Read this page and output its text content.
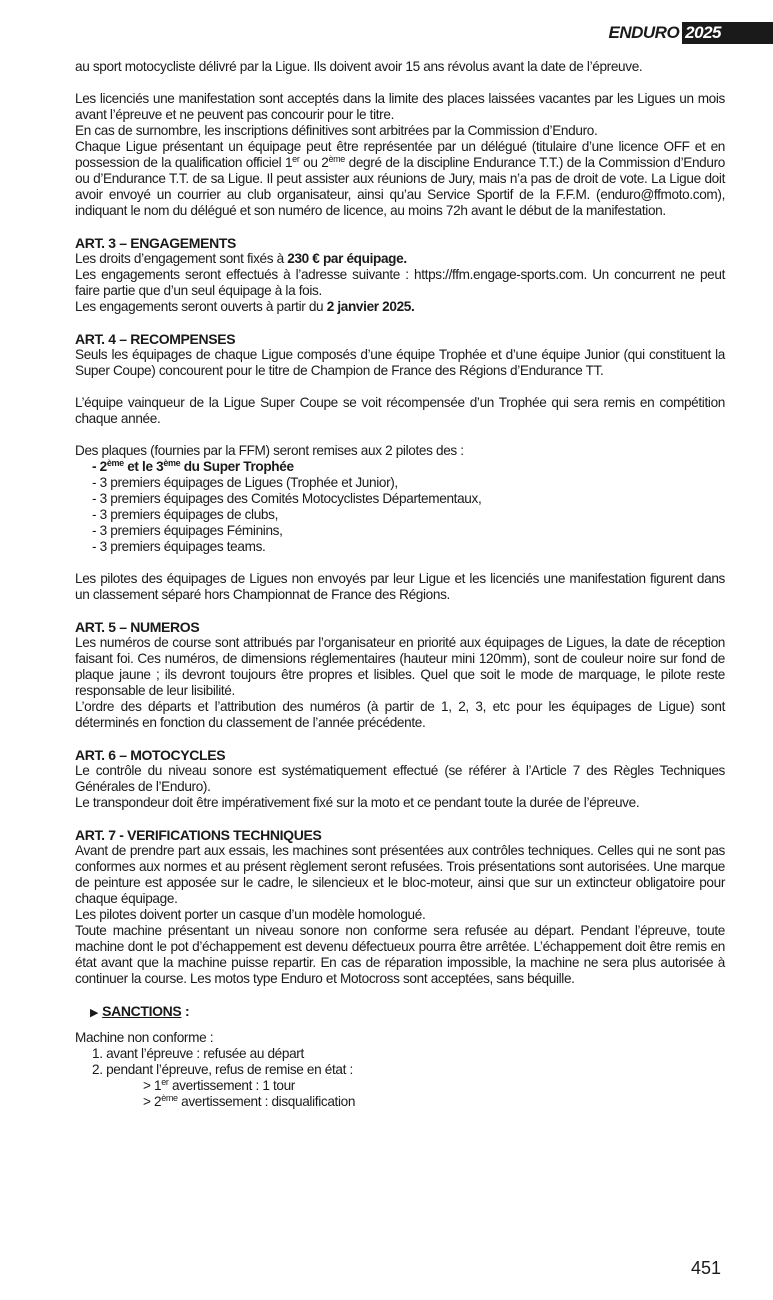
ENDURO 2025

au sport motocycliste délivré par la Ligue. Ils doivent avoir 15 ans révolus avant la date de l’épreuve.

Les licenciés une manifestation sont acceptés dans la limite des places laissées vacantes par les Ligues un mois avant l’épreuve et ne peuvent pas concourir pour le titre.

En cas de surnombre, les inscriptions définitives sont arbitrées par la Commission d’Enduro.

Chaque Ligue présentant un équipage peut être représentée par un délégué (titulaire d’une licence OFF et en possession de la qualification officiel 1er ou 2ème degré de la discipline Endurance T.T.) de la Commission d’Enduro ou d’Endurance T.T. de sa Ligue. Il peut assister aux réunions de Jury, mais n’a pas de droit de vote. La Ligue doit avoir envoyé un courrier au club organisateur, ainsi qu’au Service Sportif de la F.F.M. (enduro@ffmoto.com), indiquant le nom du délégué et son numéro de licence, au moins 72h avant le début de la manifestation.

ART. 3 – ENGAGEMENTS

Les droits d’engagement sont fixés à 230 € par équipage.

Les engagements seront effectués à l’adresse suivante : https://ffm.engage-sports.com. Un concurrent ne peut faire partie que d’un seul équipage à la fois.

Les engagements seront ouverts à partir du 2 janvier 2025.

ART. 4 – RECOMPENSES

Seuls les équipages de chaque Ligue composés d’une équipe Trophée et d’une équipe Junior (qui constituent la Super Coupe) concourent pour le titre de Champion de France des Régions d’Endurance TT.

L’équipe vainqueur de la Ligue Super Coupe se voit récompensée d’un Trophée qui sera remis en compétition chaque année.

Des plaques (fournies par la FFM) seront remises aux 2 pilotes des :

- 2ème et le 3ème du Super Trophée
- 3 premiers équipages de Ligues (Trophée et Junior),
- 3 premiers équipages des Comités Motocyclistes Départementaux,
- 3 premiers équipages de clubs,
- 3 premiers équipages Féminins,
- 3 premiers équipages teams.

Les pilotes des équipages de Ligues non envoyés par leur Ligue et les licenciés une manifestation figurent dans un classement séparé hors Championnat de France des Régions.

ART. 5 – NUMEROS

Les numéros de course sont attribués par l’organisateur en priorité aux équipages de Ligues, la date de réception faisant foi. Ces numéros, de dimensions réglementaires (hauteur mini 120mm), sont de couleur noire sur fond de plaque jaune ; ils devront toujours être propres et lisibles. Quel que soit le mode de marquage, le pilote reste responsable de leur lisibilité.

L’ordre des départs et l’attribution des numéros (à partir de 1, 2, 3, etc pour les équipages de Ligue) sont déterminés en fonction du classement de l’année précédente.

ART. 6 – MOTOCYCLES

Le contrôle du niveau sonore est systématiquement effectué (se référer à l’Article 7 des Règles Techniques Générales de l’Enduro).

Le transpondeur doit être impérativement fixé sur la moto et ce pendant toute la durée de l’épreuve.

ART. 7 - VERIFICATIONS TECHNIQUES

Avant de prendre part aux essais, les machines sont présentées aux contrôles techniques. Celles qui ne sont pas conformes aux normes et au présent règlement seront refusées. Trois présentations sont autorisées. Une marque de peinture est apposée sur le cadre, le silencieux et le bloc-moteur, ainsi que sur un extincteur obligatoire pour chaque équipage.

Les pilotes doivent porter un casque d’un modèle homologué.

Toute machine présentant un niveau sonore non conforme sera refusée au départ. Pendant l’épreuve, toute machine dont le pot d’échappement est devenu défectueux pourra être arrêtée. L’échappement doit être remis en état avant que la machine puisse repartir. En cas de réparation impossible, la machine ne sera plus autorisée à continuer la course. Les motos type Enduro et Motocross sont acceptées, sans béquille.

▶ SANCTIONS :

Machine non conforme :

1. avant l’épreuve : refusée au départ

2. pendant l’épreuve, refus de remise en état :

> 1er avertissement : 1 tour

> 2ème avertissement : disqualification

451
